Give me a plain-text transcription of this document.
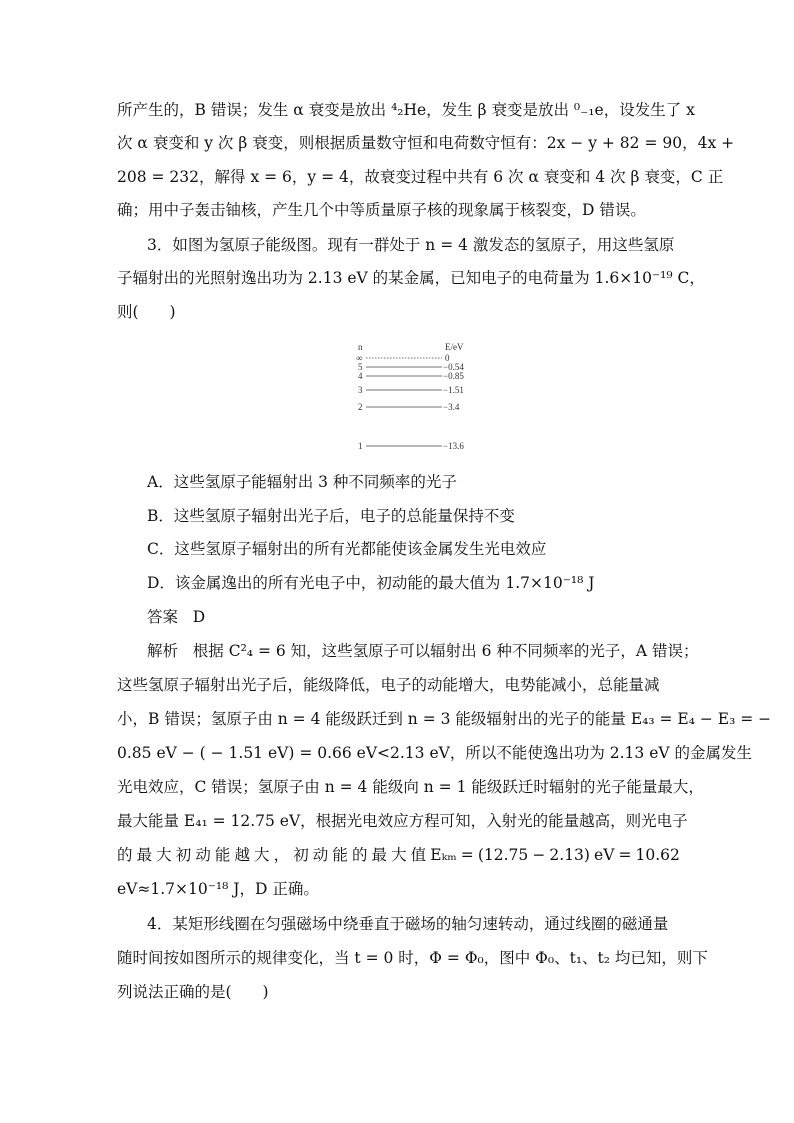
所产生的，B 错误；发生 α 衰变是放出 ⁴₂He，发生 β 衰变是放出 ⁰₋₁e，设发生了 x
次 α 衰变和 y 次 β 衰变，则根据质量数守恒和电荷数守恒有：2x − y + 82 = 90，4x +
208 = 232，解得 x = 6，y = 4，故衰变过程中共有 6 次 α 衰变和 4 次 β 衰变，C 正
确；用中子轰击铀核，产生几个中等质量原子核的现象属于核裂变，D 错误。
3．如图为氢原子能级图。现有一群处于 n = 4 激发态的氢原子，用这些氢原
子辐射出的光照射逸出功为 2.13 eV 的某金属，已知电子的电荷量为 1.6×10⁻¹⁹ C，
则(　　)
n	E/eV
∞	0
5	−0.54
4	−0.85
3	−1.51
2	−3.4
1	−13.6
A．这些氢原子能辐射出 3 种不同频率的光子
B．这些氢原子辐射出光子后，电子的总能量保持不变
C．这些氢原子辐射出的所有光都能使该金属发生光电效应
D．该金属逸出的所有光电子中，初动能的最大值为 1.7×10⁻¹⁸ J
答案 D
解析 根据 C²₄ = 6 知，这些氢原子可以辐射出 6 种不同频率的光子，A 错误；
这些氢原子辐射出光子后，能级降低，电子的动能增大，电势能减小，总能量减
小，B 错误；氢原子由 n = 4 能级跃迁到 n = 3 能级辐射出的光子的能量 E₄₃ = E₄ − E₃ = −
0.85 eV − ( − 1.51 eV) = 0.66 eV<2.13 eV，所以不能使逸出功为 2.13 eV 的金属发生
光电效应，C 错误；氢原子由 n = 4 能级向 n = 1 能级跃迁时辐射的光子能量最大，
最大能量 E₄₁ = 12.75 eV，根据光电效应方程可知，入射光的能量越高，则光电子
的 最 大 初 动 能 越 大 ， 初 动 能 的 最 大 值 Eₖₘ = (12.75 − 2.13) eV = 10.62
eV≈1.7×10⁻¹⁸ J，D 正确。
4．某矩形线圈在匀强磁场中绕垂直于磁场的轴匀速转动，通过线圈的磁通量
随时间按如图所示的规律变化，当 t = 0 时，Φ = Φ₀，图中 Φ₀、t₁、t₂ 均已知，则下
列说法正确的是(　　)
